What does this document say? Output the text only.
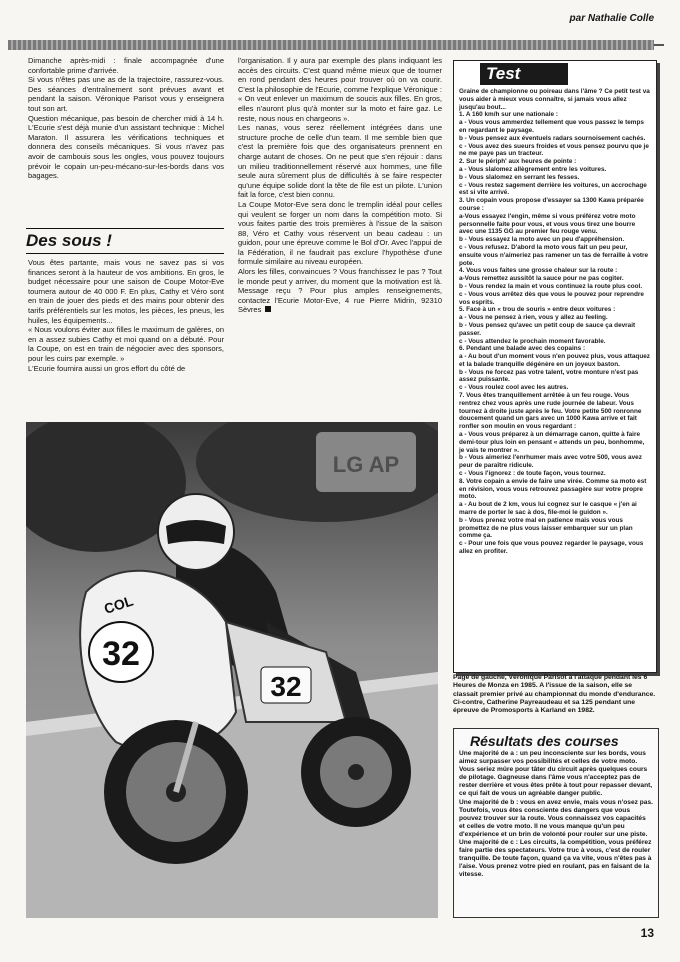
par Nathalie Colle

Dimanche après-midi : finale accompagnée d'une confortable prime d'arrivée.

Si vous n'êtes pas une as de la trajectoire, rassurez-vous. Des séances d'entraînement sont prévues avant et pendant la saison. Véronique Parisot vous y enseignera tout son art.

Question mécanique, pas besoin de chercher midi à 14 h. L'Ecurie s'est déjà munie d'un assistant technique : Michel Maraton. Il assurera les vérifications techniques et donnera des conseils mécaniques. Si vous n'avez pas avoir de cambouis sous les ongles, vous pouvez toujours prévoir le copain un-peu-mécano-sur-les-bords dans vos bagages.

Des sous !

Vous êtes partante, mais vous ne savez pas si vos finances seront à la hauteur de vos ambitions. En gros, le budget nécessaire pour une saison de Coupe Motor-Eve tournera autour de 40 000 F. En plus, Cathy et Véro sont en train de jouer des pieds et des mains pour obtenir des tarifs préférentiels sur les motos, les pièces, les pneus, les huiles, les équipements...

« Nous voulons éviter aux filles le maximum de galères, on en a assez subies Cathy et moi quand on a débuté. Pour la Coupe, on est en train de négocier avec des sponsors, pour les cuirs par exemple. »

L'Ecurie fournira aussi un gros effort du côté de

l'organisation. Il y aura par exemple des plans indiquant les accès des circuits. C'est quand même mieux que de tourner en rond pendant des heures pour trouver où on va courir. C'est la philosophie de l'Ecurie, comme l'explique Véronique : « On veut enlever un maximum de soucis aux filles. En gros, elles n'auront plus qu'à monter sur la moto et faire gaz. Le reste, nous nous en chargeons ».

Les nanas, vous serez réellement intégrées dans une structure proche de celle d'un team. Il me semble bien que c'est la première fois que des organisateurs prennent en charge autant de choses. On ne peut que s'en réjouir : dans un milieu traditionnellement réservé aux hommes, une fille seule aura sûrement plus de difficultés à se faire respecter qu'une équipe solide dont la tête de file est un pilote. L'union fait la force, c'est bien connu.

La Coupe Motor-Eve sera donc le tremplin idéal pour celles qui veulent se forger un nom dans la compétition moto. Si vous faites partie des trois premières à l'issue de la saison 88, Véro et Cathy vous réservent un beau cadeau : un guidon, pour une épreuve comme le Bol d'Or. Avec l'appui de la Fédération, il ne faudrait pas exclure l'hypothèse d'une formule similaire au niveau européen.

Alors les filles, convaincues ? Vous franchissez le pas ? Tout le monde peut y arriver, du moment que la motivation est là. Message reçu ? Pour plus amples renseignements, contactez l'Ecurie Motor-Eve, 4 rue Pierre Midrin, 92310 Sèvres

Test

Graine de championne ou poireau dans l'âme ? Ce petit test va vous aider à mieux vous connaître, si jamais vous allez jusqu'au bout...

1. A 160 km/h sur une nationale :

a - Vous vous ammerdez tellement que vous passez le temps en regardant le paysage.

b - Vous pensez aux éventuels radars sournoisement cachés.

c - Vous avez des sueurs froides et vous pensez pourvu que je ne me paye pas un tracteur.

2. Sur le périph' aux heures de pointe :

a - Vous slalomez allègrement entre les voitures.

b - Vous slalomez en serrant les fesses.

c - Vous restez sagement derrière les voitures, un accrochage est si vite arrivé.

3. Un copain vous propose d'essayer sa 1300 Kawa préparée course :

a-Vous essayez l'engin, même si vous préférez votre moto personnelle faite pour vous, et vous vous tirez une bourre avec une 1135 GG au premier feu rouge venu.

b - Vous essayez la moto avec un peu d'appréhension.

c - Vous refusez. D'abord la moto vous fait un peu peur, ensuite vous n'aimeriez pas ramener un tas de ferraille à votre pote.

4. Vous vous faites une grosse chaleur sur la route :

a-Vous remettez aussitôt la sauce pour ne pas cogiter.

b - Vous rendez la main et vous continuez la route plus cool.

c - Vous vous arrêtez dès que vous le pouvez pour reprendre vos esprits.

5. Face à un « trou de souris » entre deux voitures :

a - Vous ne pensez à rien, vous y allez au feeling.

b - Vous pensez qu'avec un petit coup de sauce ça devrait passer.

c - Vous attendez le prochain moment favorable.

6. Pendant une balade avec des copains :

a - Au bout d'un moment vous n'en pouvez plus, vous attaquez et la balade tranquille dégénère en un joyeux baston.

b - Vous ne forcez pas votre talent, votre monture n'est pas assez puissante.

c - Vous roulez cool avec les autres.

7. Vous êtes tranquillement arrêtée à un feu rouge. Vous rentrez chez vous après une rude journée de labeur. Vous tournez à droite juste après le feu. Votre petite 500 ronronne doucement quand un gars avec un 1000 Kawa arrive et fait ronfler son moulin en vous regardant :

a - Vous vous préparez à un démarrage canon, quitte à faire demi-tour plus loin en pensant « attends un peu, bonhomme, je vais te montrer ».

b - Vous aimeriez l'enrhumer mais avec votre 500, vous avez peur de paraître ridicule.

c - Vous l'ignorez : de toute façon, vous tournez.

8. Votre copain a envie de faire une virée. Comme sa moto est en révision, vous vous retrouvez passagère sur votre propre moto.

a - Au bout de 2 km, vous lui cognez sur le casque « j'en ai marre de porter le sac à dos, file-moi le guidon ».

b - Vous prenez votre mal en patience mais vous vous promettez de ne plus vous laisser embarquer sur un plan comme ça.

c - Pour une fois que vous pouvez regarder le paysage, vous allez en profiter.

Page de gauche, Véronique Parisot à l'attaque pendant les 6 Heures de Monza en 1985. A l'issue de la saison, elle se classait premier privé au championnat du monde d'endurance.

Ci-contre, Catherine Payreaudeau et sa 125 pendant une épreuve de Promosports à Karland en 1982.

Résultats des courses

Une majorité de a : un peu inconsciente sur les bords, vous aimez surpasser vos possibilités et celles de votre moto. Vous seriez mûre pour tâter du circuit après quelques cours de pilotage. Gagneuse dans l'âme vous n'acceptez pas de rester derrière et vous êtes prête à tout pour repasser devant, ce qui fait de vous un agréable danger public.

Une majorité de b : vous en avez envie, mais vous n'osez pas. Toutefois, vous êtes consciente des dangers que vous pouvez trouver sur la route. Vous connaissez vos capacités et celles de votre moto. Il ne vous manque qu'un peu d'expérience et un brin de volonté pour rouler sur une piste.

Une majorité de c : Les circuits, la compétition, vous préférez faire partie des spectateurs. Votre truc à vous, c'est de rouler tranquille. De toute façon, quand ça va vite, vous n'êtes pas à l'aise. Vous prenez votre pied en roulant, pas en faisant de la vitesse.

32
COL
32
LG AP
13
